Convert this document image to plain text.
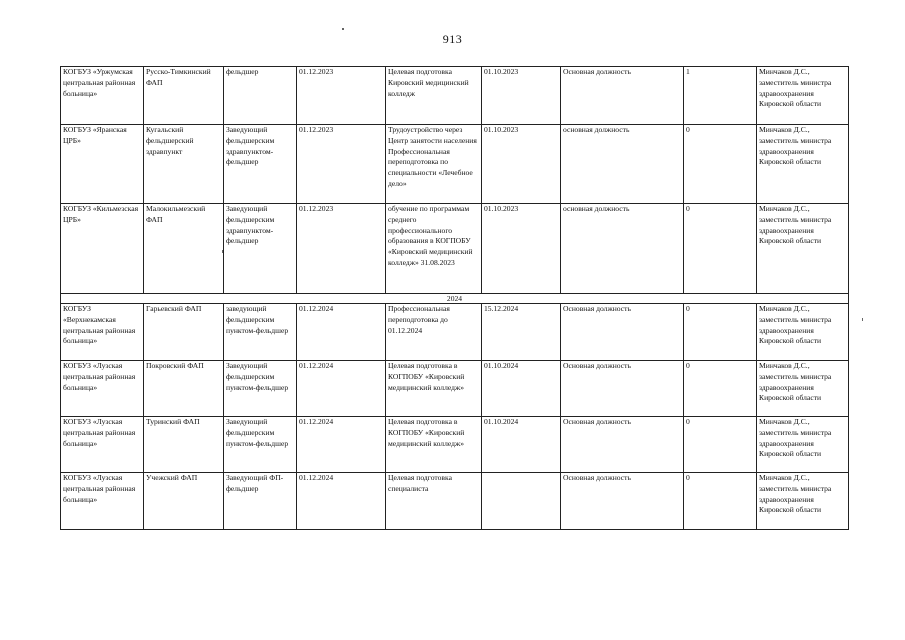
913
КОГБУЗ «Уржумская центральная районная больница»	Русско-Тимкинский ФАП	фельдшер	01.12.2023	Целевая подготовка Кировский медицинский колледж	01.10.2023	Основная должность	1	Минчаков Д.С., заместитель министра здравоохранения Кировской области
КОГБУЗ «Яранская ЦРБ»	Кугальский фельдшерский здравпункт	Заведующий фельдшерским здравпунктом-фельдшер	01.12.2023	Трудоустройство через Центр занятости населения Профессиональная переподготовка по специальности «Лечебное дело»	01.10.2023	основная должность	0	Минчаков Д.С., заместитель министра здравоохранения Кировской области
КОГБУЗ «Кильмезская ЦРБ»	Малокильмезский ФАП	Заведующий фельдшерским здравпунктом-фельдшер	01.12.2023	обучение по программам среднего профессионального образования в КОГПОБУ «Кировский медицинский колледж» 31.08.2023	01.10.2023	основная должность	0	Минчаков Д.С., заместитель министра здравоохранения Кировской области
2024								
КОГБУЗ «Верхнекамская центральная районная больница»	Гарьевский ФАП	заведующий фельдшерским пунктом-фельдшер	01.12.2024	Профессиональная переподготовка до 01.12.2024	15.12.2024	Основная должность	0	Минчаков Д.С., заместитель министра здравоохранения Кировской области
КОГБУЗ «Лузская центральная районная больница»	Покровский ФАП	Заведующий фельдшерским пунктом-фельдшер	01.12.2024	Целевая подготовка в КОГПОБУ «Кировский медицинский колледж»	01.10.2024	Основная должность	0	Минчаков Д.С., заместитель министра здравоохранения Кировской области
КОГБУЗ «Лузская центральная районная больница»	Туринский ФАП	Заведующий фельдшерским пунктом-фельдшер	01.12.2024	Целевая подготовка в КОГПОБУ «Кировский медицинский колледж»	01.10.2024	Основная должность	0	Минчаков Д.С., заместитель министра здравоохранения Кировской области
КОГБУЗ «Лузская центральная районная больница»	Учежский ФАП	Заведующий ФП-фельдшер	01.12.2024	Целевая подготовка специалиста		Основная должность	0	Минчаков Д.С., заместитель министра здравоохранения Кировской области
